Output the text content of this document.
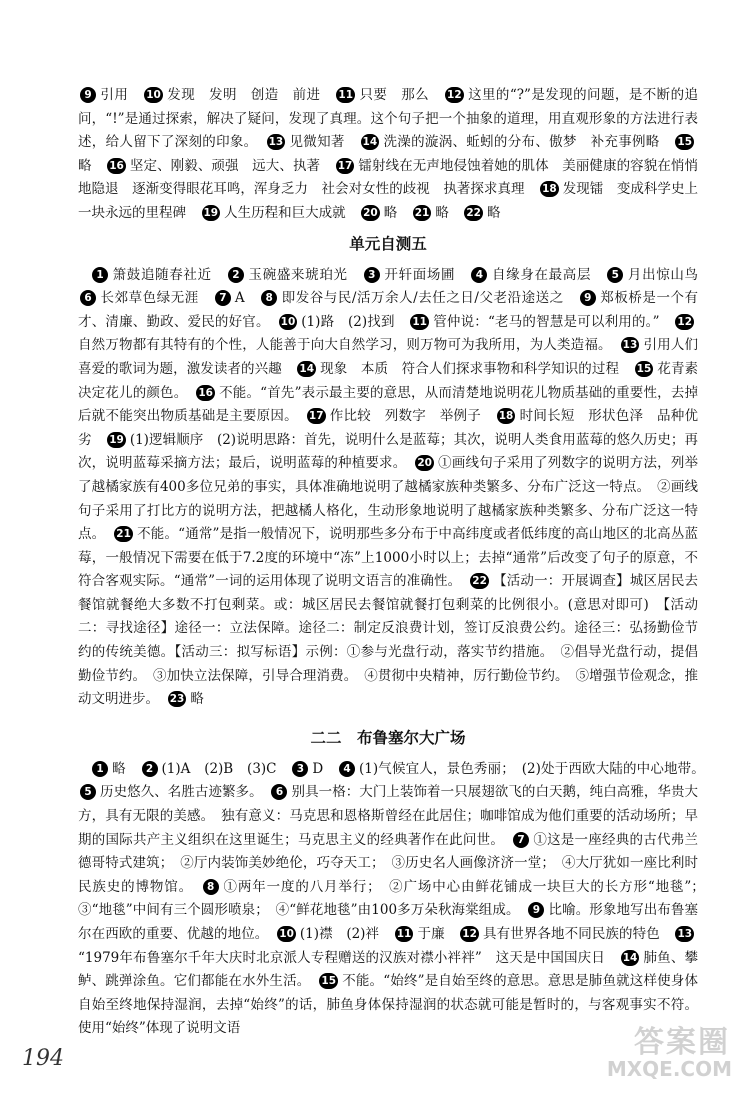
9 引用　 10 发现　发明　创造　前进　 11 只要　那么　 12 这里的“?”是发现的问题，是不断的追问，“!”是通过探索，解决了疑问，发现了真理。这个句子把一个抽象的道理，用直观形象的方法进行表述，给人留下了深刻的印象。　 13 见微知著　 14 洗澡的漩涡、蚯蚓的分布、傲梦　补充事例略　 15略　 16 坚定、刚毅、顽强　远大、执著　 17 镭射线在无声地侵蚀着她的肌体　美丽健康的容貌在悄悄地隐退　逐渐变得眼花耳鸣，浑身乏力　社会对女性的歧视　执著探求真理　 18 发现镭　变成科学史上一块永远的里程碑　 19 人生历程和巨大成就　 20 略　 21 略　 22 略　

单元自测五

1 箫鼓追随春社近　 2 玉碗盛来琥珀光　 3 开轩面场圃　 4 自缘身在最高层　 5 月出惊山鸟　6 长郊草色绿无涯　 7 A　 8 即发谷与民/活万余人/去任之日/父老沿途送之　 9 郑板桥是一个有才、清廉、勤政、爱民的好官。　 10 (1)路　(2)找到　 11 管仲说：“老马的智慧是可以利用的。”　 12自然万物都有其特有的个性，人能善于向大自然学习，则万物可为我所用，为人类造福。　 13 引用人们喜爱的歌词为题，激发读者的兴趣　 14 现象　本质　符合人们探求事物和科学知识的过程　 15 花青素决定花儿的颜色。　 16 不能。“首先”表示最主要的意思，从而清楚地说明花儿物质基础的重要性，去掉后就不能突出物质基础是主要原因。　 17 作比较　列数字　举例子　 18 时间长短　形状色泽　品种优劣　 19 (1)逻辑顺序　(2)说明思路：首先，说明什么是蓝莓；其次，说明人类食用蓝莓的悠久历史；再次，说明蓝莓采摘方法；最后，说明蓝莓的种植要求。　 20 ①画线句子采用了列数字的说明方法，列举了越橘家族有400多位兄弟的事实，具体准确地说明了越橘家族种类繁多、分布广泛这一特点。　②画线句子采用了打比方的说明方法，把越橘人格化，生动形象地说明了越橘家族种类繁多、分布广泛这一特点。　 21 不能。“通常”是指一般情况下，说明那些多分布于中高纬度或者低纬度的高山地区的北高丛蓝莓，一般情况下需要在低于7.2度的环境中“冻”上1000小时以上；去掉“通常”后改变了句子的原意，不符合客观实际。“通常”一词的运用体现了说明文语言的准确性。　 22 【活动一：开展调查】城区居民去餐馆就餐绝大多数不打包剩菜。或：城区居民去餐馆就餐打包剩菜的比例很小。(意思对即可)　【活动二：寻找途径】途径一：立法保障。途径二：制定反浪费计划，签订反浪费公约。途径三：弘扬勤俭节约的传统美德。【活动三：拟写标语】示例：①参与光盘行动，落实节约措施。　②倡导光盘行动，提倡勤俭节约。　③加快立法保障，引导合理消费。　④贯彻中央精神，厉行勤俭节约。　⑤增强节俭观念，推动文明进步。　 23 略　

二二　布鲁塞尔大广场

1 略　 2 (1)A　(2)B　(3)C　 3 D　 4 (1)气候宜人，景色秀丽；　(2)处于西欧大陆的中心地带。　5 历史悠久、名胜古迹繁多。　 6 别具一格：大门上装饰着一只展翅欲飞的白天鹅，纯白高雅，华贵大方，具有无限的美感。　独有意义：马克思和恩格斯曾经在此居住；咖啡馆成为他们重要的活动场所；早期的国际共产主义组织在这里诞生；马克思主义的经典著作在此问世。　 7 ①这是一座经典的古代弗兰德哥特式建筑；　②厅内装饰美妙绝伦，巧夺天工；　③历史名人画像济济一堂；　④大厅犹如一座比利时民族史的博物馆。　 8 ①两年一度的八月举行；　②广场中心由鲜花铺成一块巨大的长方形“地毯”；　③“地毯”中间有三个圆形喷泉；　④“鲜花地毯”由100多万朵秋海棠组成。　 9 比喻。形象地写出布鲁塞尔在西欧的重要、优越的地位。　 10 (1)襟　(2)袢　 11 于廉　 12 具有世界各地不同民族的特色　 13“1979年布鲁塞尔千年大庆时北京派人专程赠送的汉族对襟小袢袢”　这天是中国国庆日　 14 肺鱼、攀鲈、跳弹涂鱼。它们都能在水外生活。　 15 不能。“始终”是自始至终的意思。意思是肺鱼就这样使身体自始至终地保持湿润，去掉“始终”的话，肺鱼身体保持湿润的状态就可能是暂时的，与客观事实不符。使用“始终”体现了说明文语　

194	答案圈
MXQE.COM
